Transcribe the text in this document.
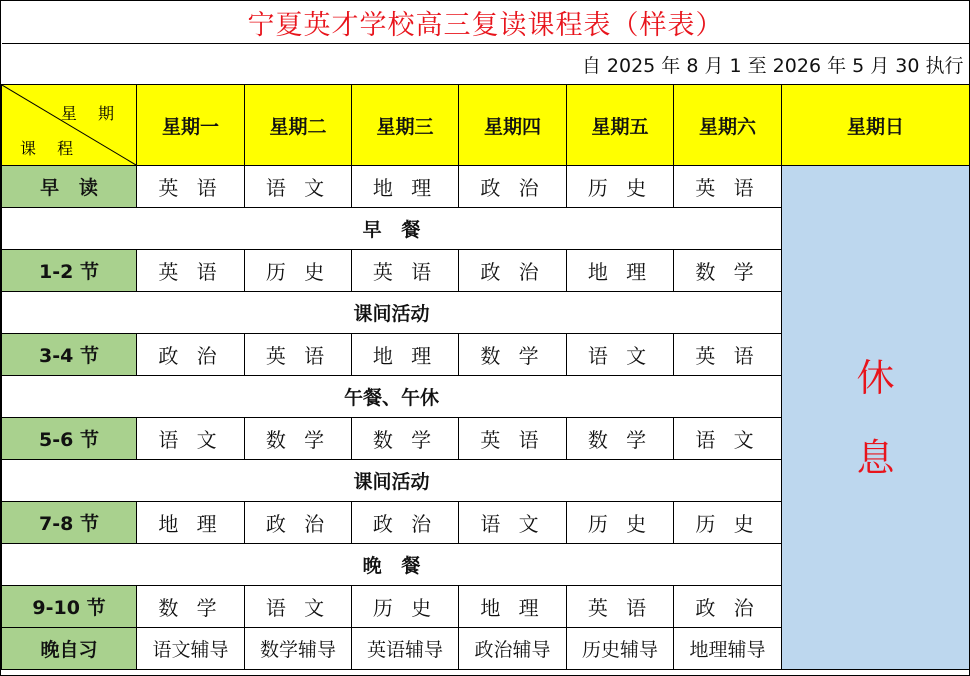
宁夏英才学校高三复读课程表（样表）							
自 2025 年 8 月 1 至 2026 年 5 月 30 执行							

星 期
课 程	星期一	星期二	星期三	星期四	星期五	星期六	星期日
早   读	英 语	语 文	地 理	政 治	历 史	英 语	休
息

早   餐							
1-2 节	英 语	历 史	英 语	政 治	地 理	数 学	
课间活动							
3-4 节	政 治	英 语	地 理	数 学	语 文	英 语	
午餐、午休							
5-6 节	语 文	数 学	数 学	英 语	数 学	语 文	
课间活动							
7-8 节	地 理	政 治	政 治	语 文	历 史	历 史	
晚   餐							
9-10 节	数 学	语 文	历 史	地 理	英 语	政 治	
晚自习	语文辅导	数学辅导	英语辅导	政治辅导	历史辅导	地理辅导	
